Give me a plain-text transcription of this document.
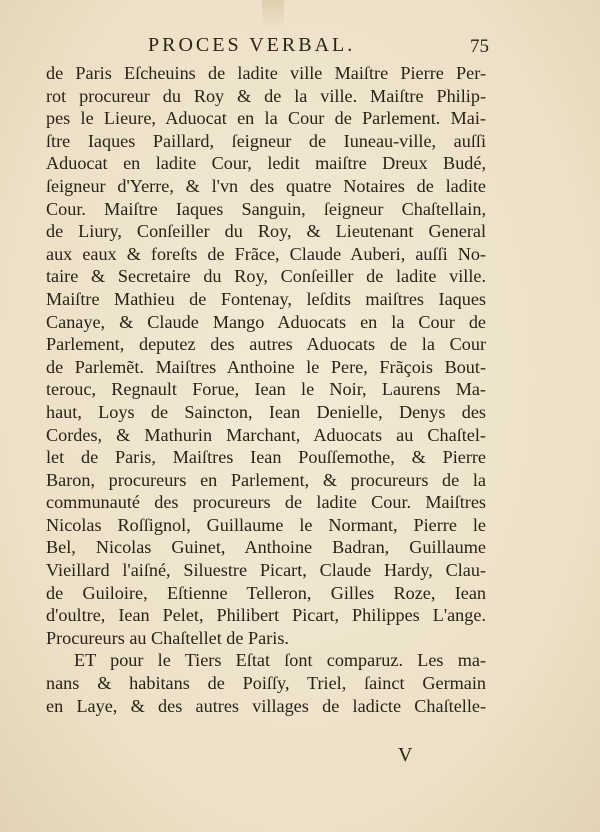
PROCES VERBAL.	75
de Paris Eſcheuins de ladite ville Maiſtre Pierre Per-
rot procureur du Roy & de la ville. Maiſtre Philip-
pes le Lieure, Aduocat en la Cour de Parlement. Mai-
ſtre Iaques Paillard, ſeigneur de Iuneau-ville, auſſi
Aduocat en ladite Cour, ledit maiſtre Dreux Budé,
ſeigneur d'Yerre, & l'vn des quatre Notaires de ladite
Cour. Maiſtre Iaques Sanguin, ſeigneur Chaſtellain,
de Liury, Conſeiller du Roy, & Lieutenant General
aux eaux & foreſts de Frãce, Claude Auberi, auſſi No-
taire & Secretaire du Roy, Conſeiller de ladite ville.
Maiſtre Mathieu de Fontenay, leſdits maiſtres Iaques
Canaye, & Claude Mango Aduocats en la Cour de
Parlement, deputez des autres Aduocats de la Cour
de Parlemẽt. Maiſtres Anthoine le Pere, Frãçois Bout-
terouc, Regnault Forue, Iean le Noir, Laurens Ma-
haut, Loys de Saincton, Iean Denielle, Denys des
Cordes, & Mathurin Marchant, Aduocats au Chaſtel-
let de Paris, Maiſtres Iean Pouſſemothe, & Pierre
Baron, procureurs en Parlement, & procureurs de la
communauté des procureurs de ladite Cour. Maiſtres
Nicolas Roſſignol, Guillaume le Normant, Pierre le
Bel, Nicolas Guinet, Anthoine Badran, Guillaume
Vieillard l'aiſné, Siluestre Picart, Claude Hardy, Clau-
de Guiloire, Eſtienne Telleron, Gilles Roze, Iean
d'oultre, Iean Pelet, Philibert Picart, Philippes L'ange.
Procureurs au Chaſtellet de Paris.
ET pour le Tiers Eſtat ſont comparuz. Les ma-
nans & habitans de Poiſſy, Triel, ſainct Germain
en Laye, & des autres villages de ladicte Chaſtelle-
V
